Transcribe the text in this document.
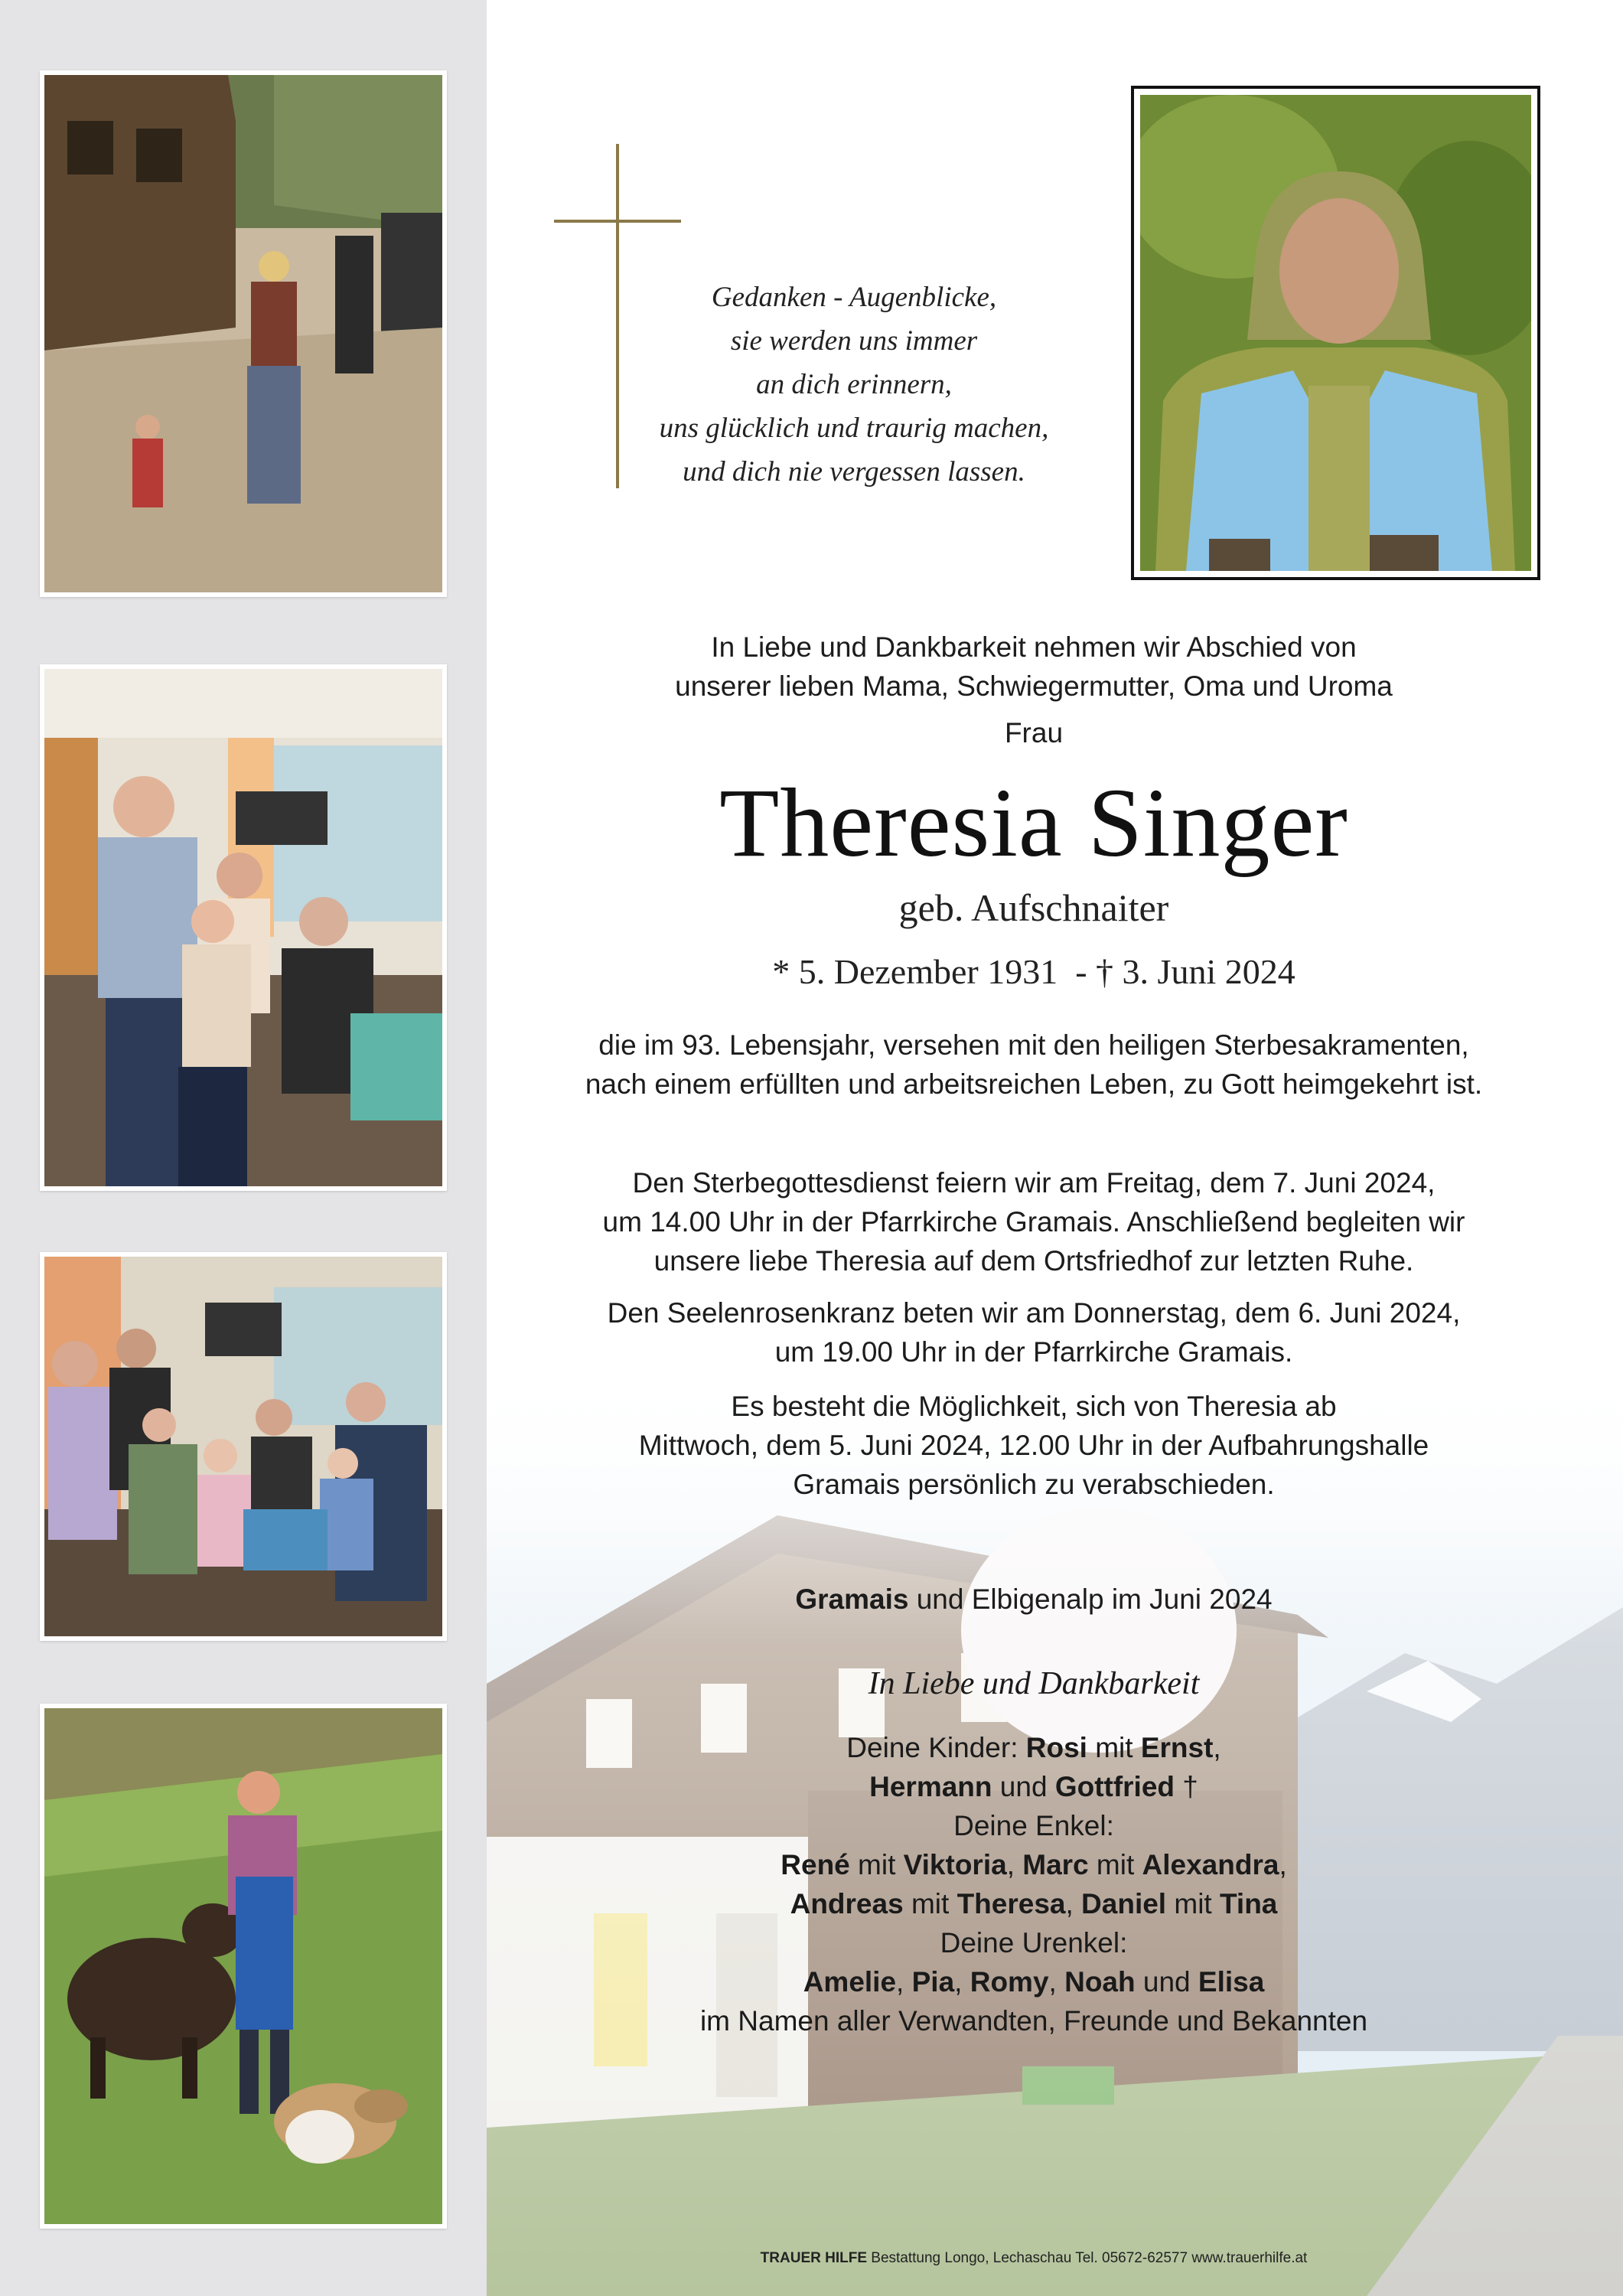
Gedanken - Augenblicke,
sie werden uns immer
an dich erinnern,
uns glücklich und traurig machen,
und dich nie vergessen lassen.
In Liebe und Dankbarkeit nehmen wir Abschied von
unserer lieben Mama, Schwiegermutter, Oma und Uroma
Frau
Theresia Singer
geb. Aufschnaiter
* 5. Dezember 1931  - † 3. Juni 2024
die im 93. Lebensjahr, versehen mit den heiligen Sterbesakramenten,
nach einem erfüllten und arbeitsreichen Leben, zu Gott heimgekehrt ist.
Den Sterbegottesdienst feiern wir am Freitag, dem 7. Juni 2024,
um 14.00 Uhr in der Pfarrkirche Gramais. Anschließend begleiten wir
unsere liebe Theresia auf dem Ortsfriedhof zur letzten Ruhe.
Den Seelenrosenkranz beten wir am Donnerstag, dem 6. Juni 2024,
um 19.00 Uhr in der Pfarrkirche Gramais.
Es besteht die Möglichkeit, sich von Theresia ab
Mittwoch, dem 5. Juni 2024, 12.00 Uhr in der Aufbahrungshalle
Gramais persönlich zu verabschieden.
Gramais und Elbigenalp im Juni 2024
In Liebe und Dankbarkeit
Deine Kinder: Rosi mit Ernst,
Hermann und Gottfried †
Deine Enkel:
René mit Viktoria, Marc mit Alexandra,
Andreas mit Theresa, Daniel mit Tina
Deine Urenkel:
Amelie, Pia, Romy, Noah und Elisa
im Namen aller Verwandten, Freunde und Bekannten
TRAUER HILFE Bestattung Longo, Lechaschau Tel. 05672-62577 www.trauerhilfe.at
